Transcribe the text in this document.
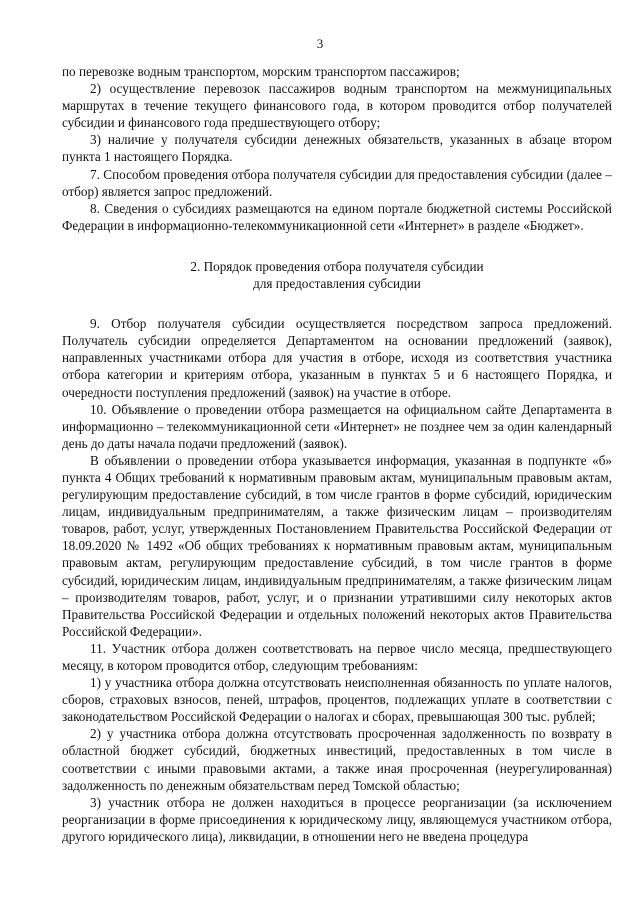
3

по перевозке водным транспортом, морским транспортом пассажиров;

2) осуществление перевозок пассажиров водным транспортом на межмуниципальных маршрутах в течение текущего финансового года, в котором проводится отбор получателей субсидии и финансового года предшествующего отбору;

3) наличие у получателя субсидии денежных обязательств, указанных в абзаце втором пункта 1 настоящего Порядка.

7. Способом проведения отбора получателя субсидии для предоставления субсидии (далее – отбор) является запрос предложений.

8. Сведения о субсидиях размещаются на едином портале бюджетной системы Российской Федерации в информационно-телекоммуникационной сети «Интернет» в разделе «Бюджет».

2. Порядок проведения отбора получателя субсидии
для предоставления субсидии

9. Отбор получателя субсидии осуществляется посредством запроса предложений. Получатель субсидии определяется Департаментом на основании предложений (заявок), направленных участниками отбора для участия в отборе, исходя из соответствия участника отбора категории и критериям отбора, указанным в пунктах 5 и 6 настоящего Порядка, и очередности поступления предложений (заявок) на участие в отборе.

10. Объявление о проведении отбора размещается на официальном сайте Департамента в информационно – телекоммуникационной сети «Интернет» не позднее чем за один календарный день до даты начала подачи предложений (заявок).

В объявлении о проведении отбора указывается информация, указанная в подпункте «б» пункта 4 Общих требований к нормативным правовым актам, муниципальным правовым актам, регулирующим предоставление субсидий, в том числе грантов в форме субсидий, юридическим лицам, индивидуальным предпринимателям, а также физическим лицам – производителям товаров, работ, услуг, утвержденных Постановлением Правительства Российской Федерации от 18.09.2020 № 1492 «Об общих требованиях к нормативным правовым актам, муниципальным правовым актам, регулирующим предоставление субсидий, в том числе грантов в форме субсидий, юридическим лицам, индивидуальным предпринимателям, а также физическим лицам – производителям товаров, работ, услуг, и о признании утратившими силу некоторых актов Правительства Российской Федерации и отдельных положений некоторых актов Правительства Российской Федерации».

11. Участник отбора должен соответствовать на первое число месяца, предшествующего месяцу, в котором проводится отбор, следующим требованиям:

1) у участника отбора должна отсутствовать неисполненная обязанность по уплате налогов, сборов, страховых взносов, пеней, штрафов, процентов, подлежащих уплате в соответствии с законодательством Российской Федерации о налогах и сборах, превышающая 300 тыс. рублей;

2) у участника отбора должна отсутствовать просроченная задолженность по возврату в областной бюджет субсидий, бюджетных инвестиций, предоставленных в том числе в соответствии с иными правовыми актами, а также иная просроченная (неурегулированная) задолженность по денежным обязательствам перед Томской областью;

3) участник отбора не должен находиться в процессе реорганизации (за исключением реорганизации в форме присоединения к юридическому лицу, являющемуся участником отбора, другого юридического лица), ликвидации, в отношении него не введена процедура
